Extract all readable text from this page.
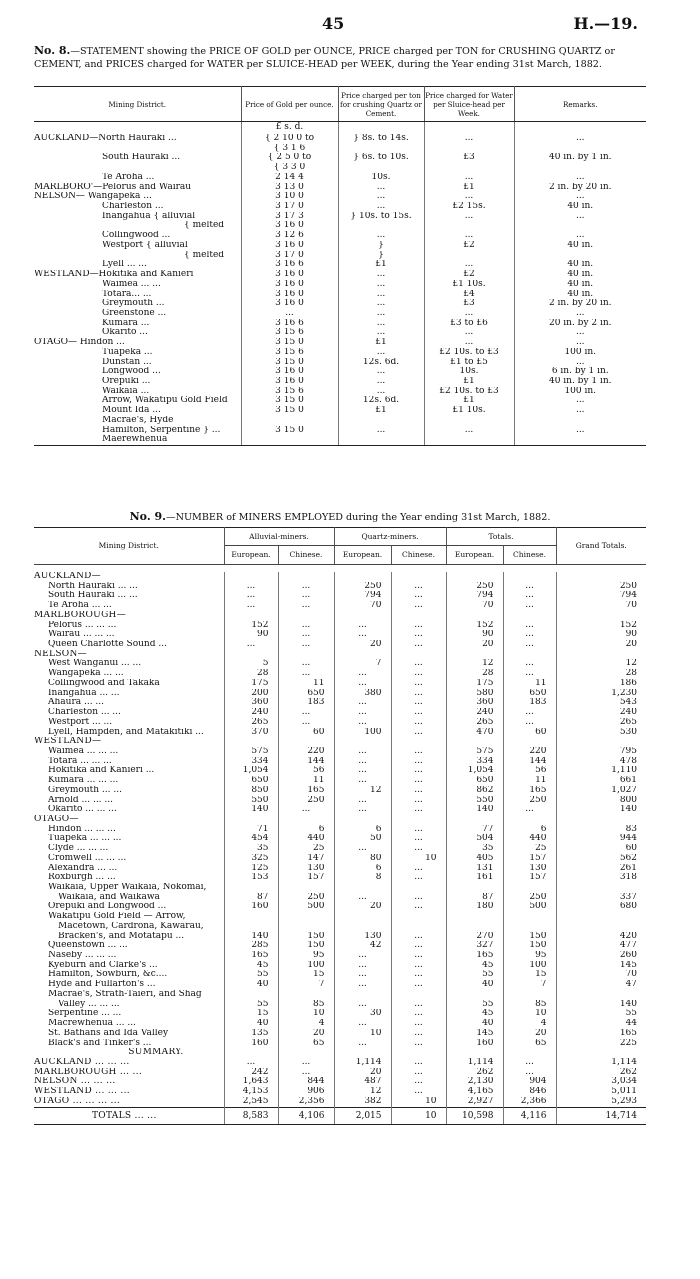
45	H.—19.
No. 8.—STATEMENT showing the PRICE OF GOLD per OUNCE, PRICE charged per TON for CRUSHING QUARTZ or CEMENT, and PRICES charged for WATER per SLUICE-HEAD per WEEK, during the Year ending 31st March, 1882.
Mining District.	Price of Gold per ounce.	Price charged per ton for crushing Quartz or Cement.	Price charged for Water per Sluice-head per Week.	Remarks.
	£ s. d.			
AUCKLAND—North Hauraki ...	{ 2 10 0 to	} 8s. to 14s.	...	...
	{ 3 1 6			
South Hauraki ...	{ 2 5 0 to	} 6s. to 10s.	£3	40 in. by 1 in.
	{ 3 3 0			
Te Aroha ...	2 14 4	10s.	...	...
MARLBORO'—Pelorus and Wairau	3 13 0	...	£1	2 in. by 20 in.
NELSON— Wangapeka ...	3 10 0	...	...	...
Charleston ...	3 17 0	...	£2 15s.	40 in.
Inangahua { alluvial	3 17 3	} 10s. to 15s.	...	...
{ melted	3 16 0			
Collingwood ...	3 12 6	...	...	...
Westport { alluvial	3 16 0	}	£2	40 in.
{ melted	3 17 0	}		
Lyell ... ...	3 16 6	£1	...	40 in.
WESTLAND—Hokitika and Kanieri	3 16 0	...	£2	40 in.
Waimea ... ...	3 16 0	...	£1 10s.	40 in.
Totara... ...	3 16 0	...	£4	40 in.
Greymouth ...	3 16 0	...	£3	2 in. by 20 in.
Greenstone ...	...	...	...	...
Kumara ...	3 16 6	...	£3 to £6	20 in. by 2 in.
Okarito ...	3 15 6	...	...	...
OTAGO— Hindon ...	3 15 0	£1	...	...
Tuapeka ...	3 15 6	...	£2 10s. to £3	100 in.
Dunstan ...	3 15 0	12s. 6d.	£1 to £5	...
Longwood ...	3 16 0	...	10s.	6 in. by 1 in.
Orepuki ...	3 16 0	...	£1	40 in. by 1 in.
Waikaia ...	3 15 6	...	£2 10s. to £3	100 in.
Arrow, Wakatipu Gold Field	3 15 0	12s. 6d.	£1	...
Mount Ida ...	3 15 0	£1	£1 10s.	...
Macrae's, Hyde				
Hamilton, Serpentine } ...	3 15 0	...	...	...
Maerewhenua				
No. 9.—NUMBER of MINERS EMPLOYED during the Year ending 31st March, 1882.
Mining District.	Alluvial-miners.		Quartz-miners.		Totals.		Grand Totals.
	European.	Chinese.	European.	Chinese.	European.	Chinese.	

AUCKLAND—							
North Hauraki ... ...	...	...	250	...	250	...	250
South Hauraki ... ...	...	...	794	...	794	...	794
Te Aroha ... ...	...	...	70	...	70	...	70
MARLBOROUGH—							
Pelorus ... ... ...	152	...	...	...	152	...	152
Wairau ... ... ...	90	...	...	...	90	...	90
Queen Charlotte Sound ...	...	...	20	...	20	...	20
NELSON—							
West Wanganui ... ...	5	...	7	...	12	...	12
Wangapeka ... ...	28	...	...	...	28	...	28
Collingwood and Takaka	175	11	...	...	175	11	186
Inangahua ... ...	200	650	380	...	580	650	1,230
Ahaura ... ...	360	183	...	...	360	183	543
Charleston ... ...	240	...	...	...	240	...	240
Westport ... ...	265	...	...	...	265	...	265
Lyell, Hampden, and Matakitiki ...	370	60	100	...	470	60	530
WESTLAND—							
Waimea ... ... ...	575	220	...	...	575	220	795
Totara ... ... ...	334	144	...	...	334	144	478
Hokitika and Kanieri ...	1,054	56	...	...	1,054	56	1,110
Kumara ... ... ...	650	11	...	...	650	11	661
Greymouth ... ...	850	165	12	...	862	165	1,027
Arnold ... ... ...	550	250	...	...	550	250	800
Okarito ... ... ...	140	...	...	...	140	...	140
OTAGO—							
Hindon ... ... ...	71	6	6	...	77	6	83
Tuapeka ... ... ...	454	440	50	...	504	440	944
Clyde ... ... ...	35	25	...	...	35	25	60
Cromwell ... ... ...	325	147	80	10	405	157	562
Alexandra ... ...	125	130	6	...	131	130	261
Roxburgh ... ...	153	157	8	...	161	157	318
Waikaia, Upper Waikaia, Nokomai,							
Waikaia, and Waikawa	87	250	...	...	87	250	337
Orepuki and Longwood ...	160	500	20	...	180	500	680
Wakatipu Gold Field — Arrow,							
Macetown, Cardrona, Kawarau,							
Bracken's, and Motatapu ...	140	150	130	...	270	150	420
Queenstown ... ...	285	150	42	...	327	150	477
Naseby ... ... ...	165	95	...	...	165	95	260
Kyeburn and Clarke's ...	45	100	...	...	45	100	145
Hamilton, Sowburn, &c....	55	15	...	...	55	15	70
Hyde and Fullarton's ...	40	7	...	...	40	7	47
Macrae's, Strath-Taieri, and Shag							
Valley ... ... ...	55	85	...	...	55	85	140
Serpentine ... ...	15	10	30	...	45	10	55
Macrewhenua ... ...	40	4	...	...	40	4	44
St. Bathans and Ida Valley	135	20	10	...	145	20	165
Black's and Tinker's ...	160	65	...	...	160	65	225
SUMMARY.							
AUCKLAND ... ... ...	...	...	1,114	...	1,114	...	1,114
MARLBOROUGH ... ...	242	...	20	...	262	...	262
NELSON ... ... ...	1,643	844	487	...	2,130	904	3,034
WESTLAND ... ... ...	4,153	906	12	...	4,165	846	5,011
OTAGO ... ... ... ...	2,545	2,356	382	10	2,927	2,366	5,293
TOTALS ... ...	8,583	4,106	2,015	10	10,598	4,116	14,714
